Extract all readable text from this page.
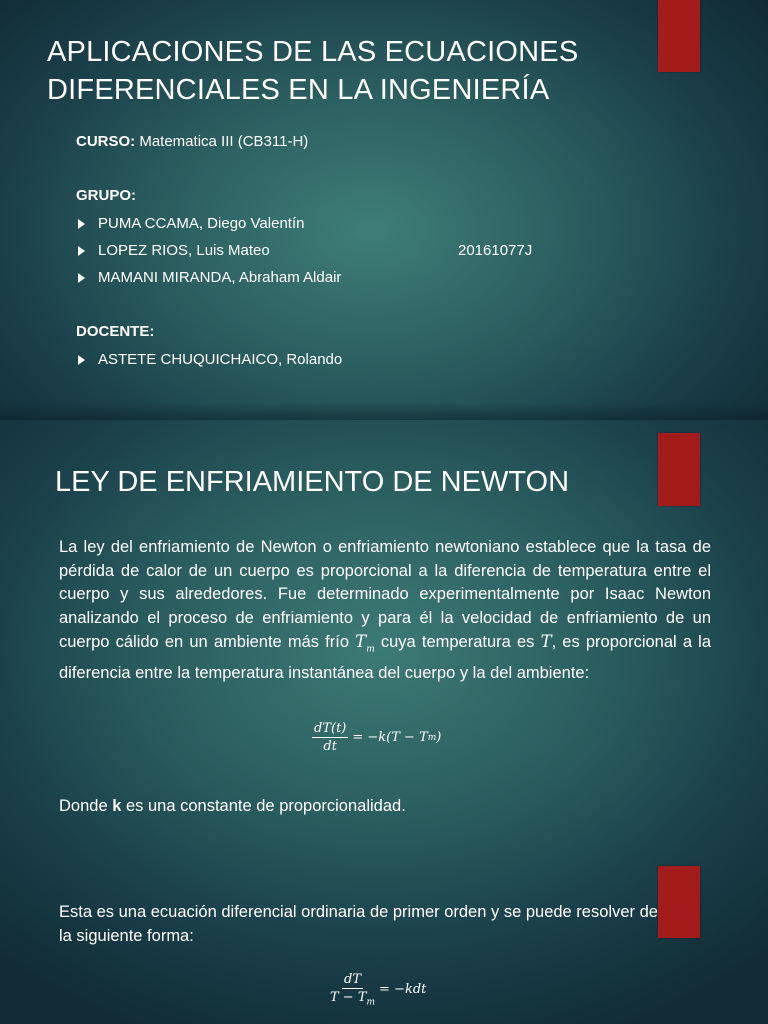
APLICACIONES DE LAS ECUACIONES
DIFERENCIALES EN LA INGENIERÍA
CURSO: Matematica III (CB311-H)
GRUPO:
PUMA CCAMA, Diego Valentín
LOPEZ RIOS, Luis Mateo	20161077J
MAMANI MIRANDA, Abraham Aldair
DOCENTE:
ASTETE CHUQUICHAICO, Rolando
LEY DE ENFRIAMIENTO DE NEWTON
La ley del enfriamiento de Newton o enfriamiento newtoniano establece que la tasa de pérdida de calor de un cuerpo es proporcional a la diferencia de temperatura entre el cuerpo y sus alrededores. Fue determinado experimentalmente por Isaac Newton analizando el proceso de enfriamiento y para él la velocidad de enfriamiento de un cuerpo cálido en un ambiente más frío $T_m$ cuya temperatura es T, es proporcional a la diferencia entre la temperatura instantánea del cuerpo y la del ambiente:
$\frac{dT(t)}{dt} = -k(T - T$ m )
Donde k es una constante de proporcionalidad.
Esta es una ecuación diferencial ordinaria de primer orden y se puede resolver de la siguiente forma:
$\frac{dT}{T - T_m} = -kdt$
